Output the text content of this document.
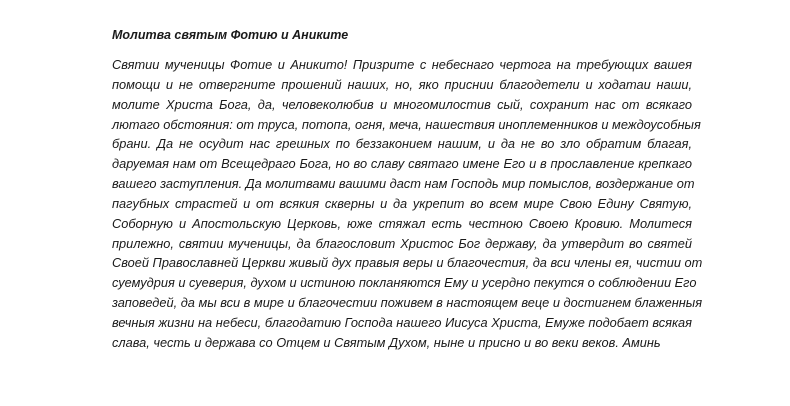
Молитва святым Фотию и Аниките

Святии мученицы Фотие и Аникито! Призрите с небеснаго чертога на требующих вашея
помощи и не отвергните прошений наших, но, яко приснии благодетели и ходатаи наши,
молите Христа Бога, да, человеколюбив и многомилостив сый, сохранит нас от всякаго
лютаго обстояния: от труса, потопа, огня, меча, нашествия иноплеменников и междоусобныя
брани. Да не осудит нас грешных по беззаконием нашим, и да не во зло обратим благая,
даруемая нам от Всещедраго Бога, но во славу святаго имене Его и в прославление крепкаго
вашего заступления. Да молитвами вашими даст нам Господь мир помыслов, воздержание от
пагубных страстей и от всякия скверны и да укрепит во всем мире Свою Едину Святую,
Соборную и Апостольскую Церковь, юже стяжал есть честною Своею Кровию. Молитеся
прилежно, святии мученицы, да благословит Христос Бог державу, да утвердит во святей
Своей Православней Церкви живый дух правыя веры и благочестия, да вси члены ея, чистии от
суемудрия и суеверия, духом и истиною покланяются Ему и усердно пекутся о соблюдении Его
заповедей, да мы вси в мире и благочестии поживем в настоящем веце и достигнем блаженныя
вечныя жизни на небеси, благодатию Господа нашего Иисуса Христа, Емуже подобает всякая
слава, честь и держава со Отцем и Святым Духом, ныне и присно и во веки веков. Аминь
